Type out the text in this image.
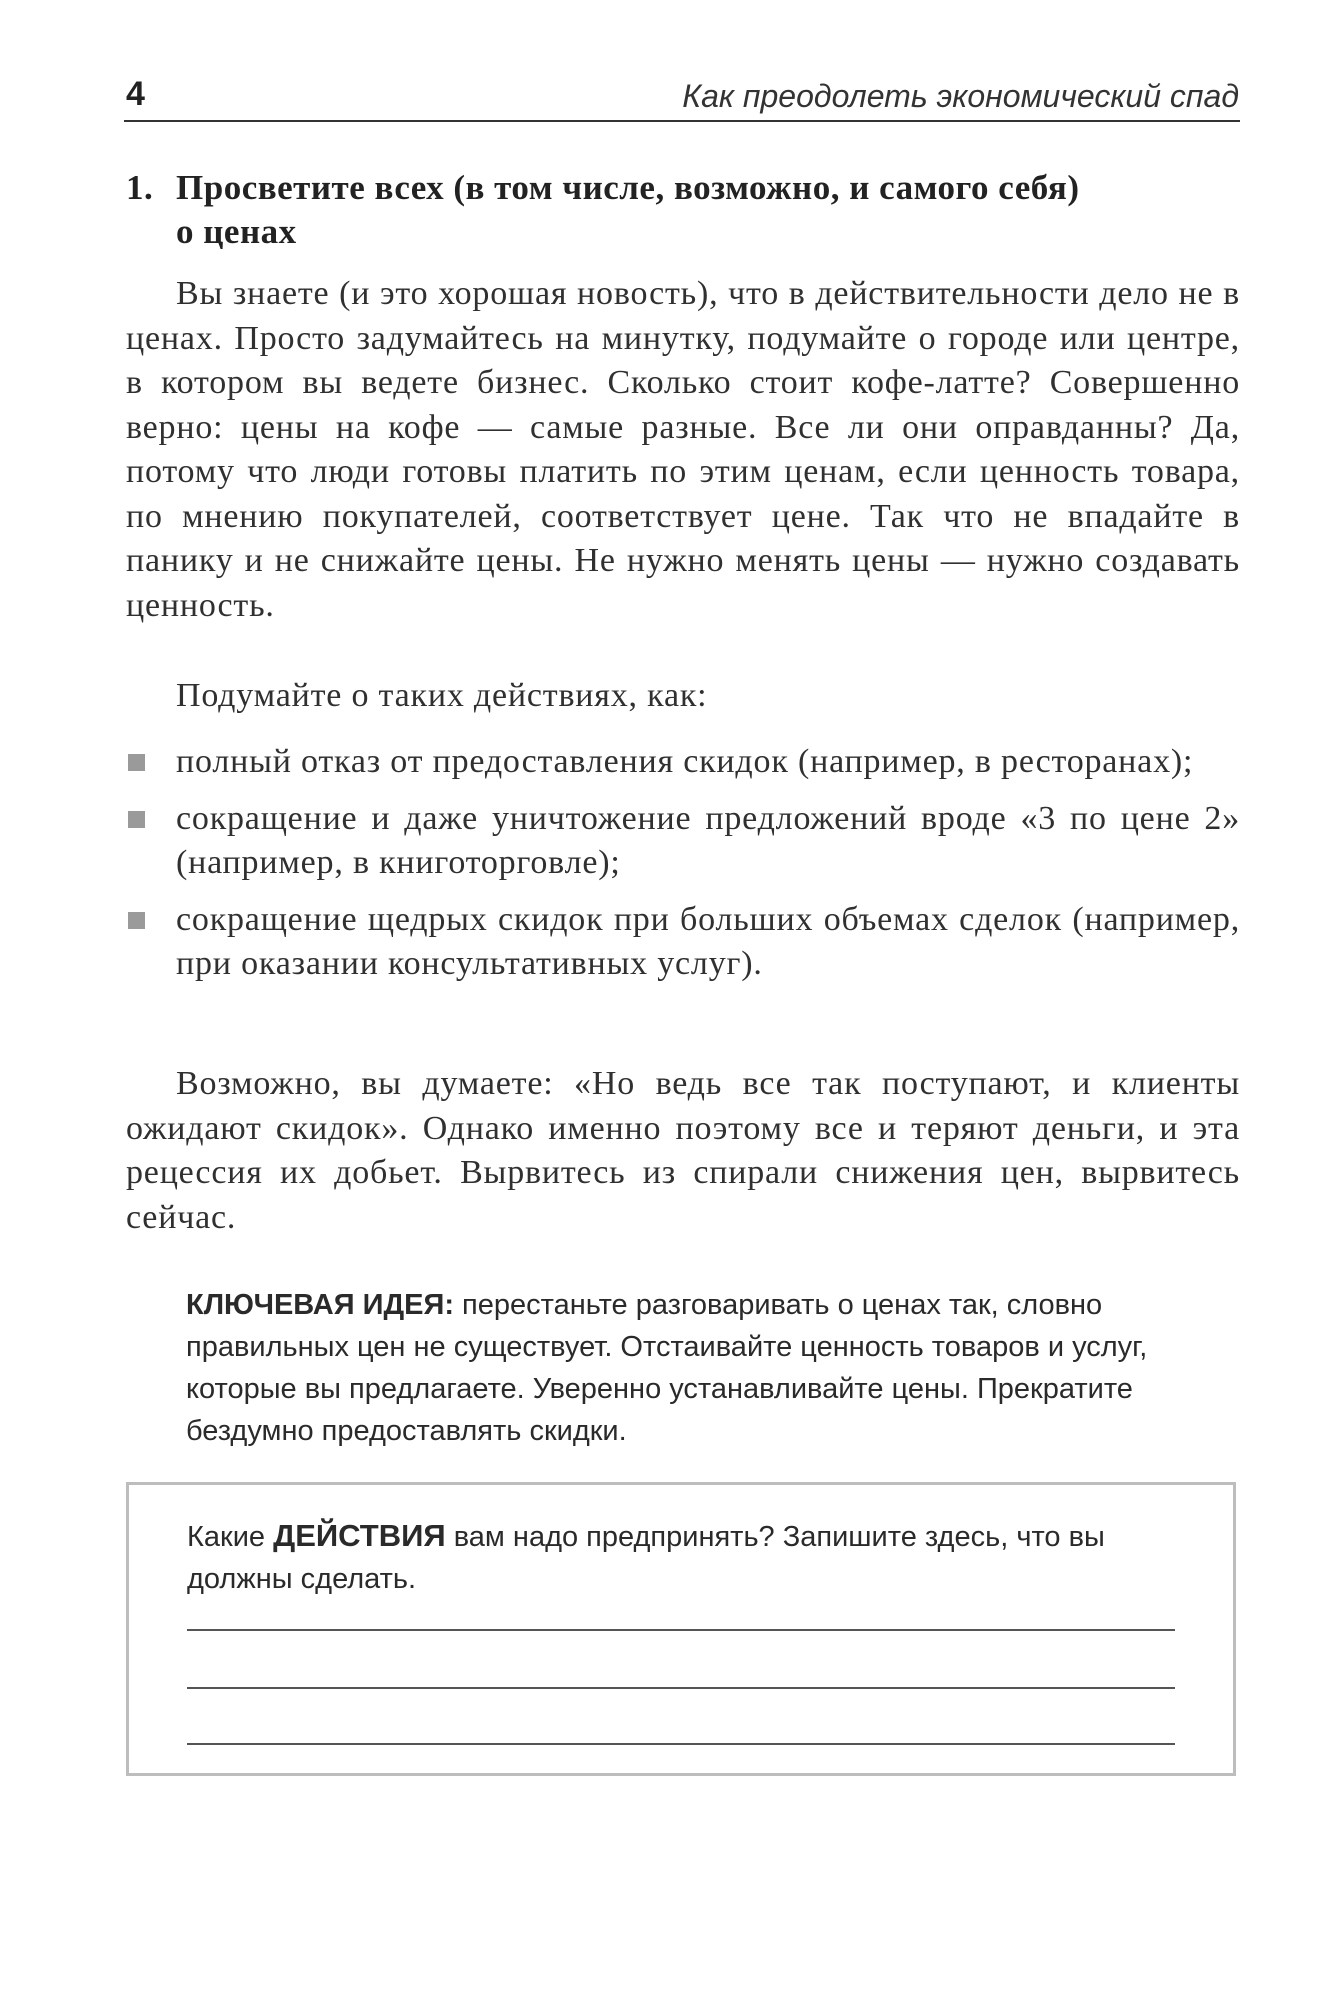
4	Как преодолеть экономический спад
1. Просветите всех (в том числе, возможно, и самого себя)
о ценах
Вы знаете (и это хорошая новость), что в действительности дело не в ценах. Просто задумайтесь на минутку, подумайте о городе или центре, в котором вы ведете бизнес. Сколько стоит кофе-латте? Совершенно верно: цены на кофе — самые разные. Все ли они оправданны? Да, потому что люди готовы платить по этим ценам, если ценность товара, по мнению покупателей, соответствует цене. Так что не впадайте в панику и не снижайте цены. Не нужно менять цены — нужно создавать ценность.
Подумайте о таких действиях, как:
полный отказ от предоставления скидок (например, в ресторанах);
сокращение и даже уничтожение предложений вроде «3 по цене 2» (например, в книготорговле);
сокращение щедрых скидок при больших объемах сделок (например, при оказании консультативных услуг).
Возможно, вы думаете: «Но ведь все так поступают, и клиенты ожидают скидок». Однако именно поэтому все и теряют деньги, и эта рецессия их добьет. Вырвитесь из спирали снижения цен, вырвитесь сейчас.
КЛЮЧЕВАЯ ИДЕЯ: перестаньте разговаривать о ценах так, словно правильных цен не существует. Отстаивайте ценность товаров и услуг, которые вы предлагаете. Уверенно устанавливайте цены. Прекратите бездумно предоставлять скидки.
Какие ДЕЙСТВИЯ вам надо предпринять? Запишите здесь, что вы должны сделать.
